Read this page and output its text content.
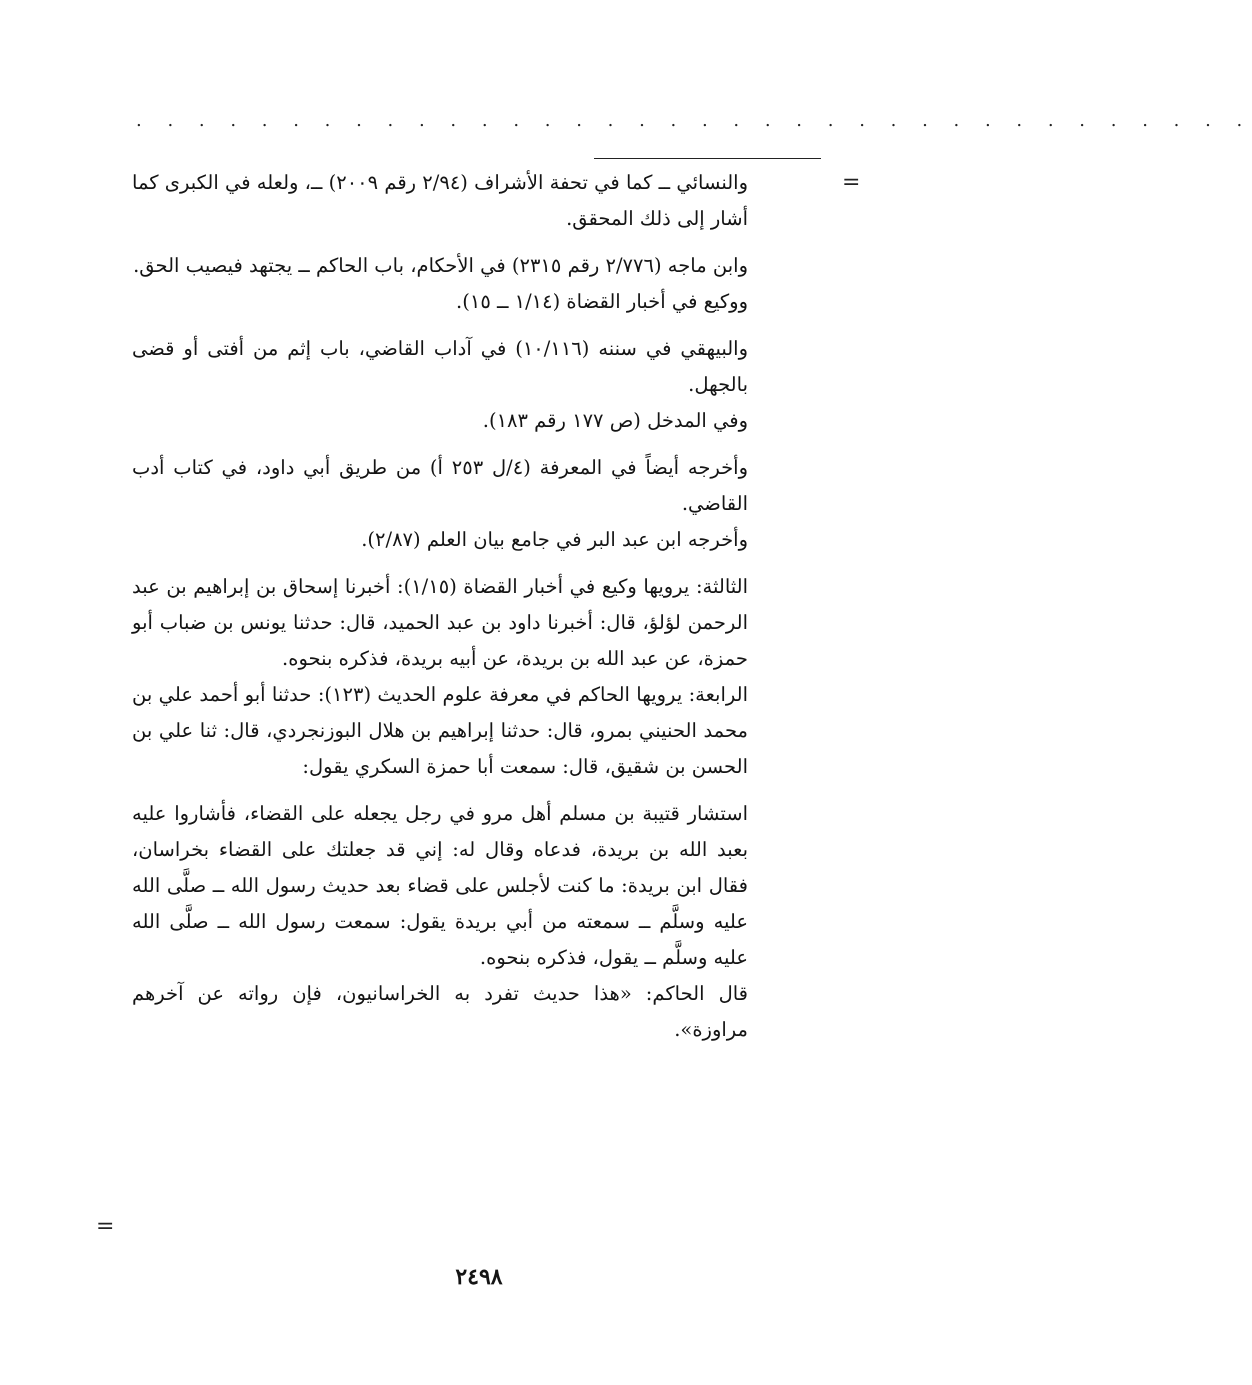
. . . . . . . . . . . . . . . . . . . . . . . . . . . . . . . . . . . .
=

والنسائي ــ كما في تحفة الأشراف (٢/٩٤ رقم ٢٠٠٩) ــ، ولعله في الكبرى كما أشار إلى ذلك المحقق.

وابن ماجه (٢/٧٧٦ رقم ٢٣١٥) في الأحكام، باب الحاكم ــ يجتهد فيصيب الحق.

ووكيع في أخبار القضاة (١/١٤ ــ ١٥).

والبيهقي في سننه (١٠/١١٦) في آداب القاضي، باب إثم من أفتى أو قضى بالجهل.

وفي المدخل (ص ١٧٧ رقم ١٨٣).

وأخرجه أيضاً في المعرفة (٤/ل ٢٥٣ أ) من طريق أبي داود، في كتاب أدب القاضي.

وأخرجه ابن عبد البر في جامع بيان العلم (٢/٨٧).

الثالثة: يرويها وكيع في أخبار القضاة (١/١٥): أخبرنا إسحاق بن إبراهيم بن عبد الرحمن لؤلؤ، قال: أخبرنا داود بن عبد الحميد، قال: حدثنا يونس بن ضباب أبو حمزة، عن عبد الله بن بريدة، عن أبيه بريدة، فذكره بنحوه.

الرابعة: يرويها الحاكم في معرفة علوم الحديث (١٢٣): حدثنا أبو أحمد علي بن محمد الحنيني بمرو، قال: حدثنا إبراهيم بن هلال البوزنجردي، قال: ثنا علي بن الحسن بن شقيق، قال: سمعت أبا حمزة السكري يقول:

استشار قتيبة بن مسلم أهل مرو في رجل يجعله على القضاء، فأشاروا عليه بعبد الله بن بريدة، فدعاه وقال له: إني قد جعلتك على القضاء بخراسان، فقال ابن بريدة: ما كنت لأجلس على قضاء بعد حديث رسول الله ــ صلَّى الله عليه وسلَّم ــ سمعته من أبي بريدة يقول: سمعت رسول الله ــ صلَّى الله عليه وسلَّم ــ يقول، فذكره بنحوه.

قال الحاكم: «هذا حديث تفرد به الخراسانيون، فإن رواته عن آخرهم مراوزة».

=
٢٤٩٨
